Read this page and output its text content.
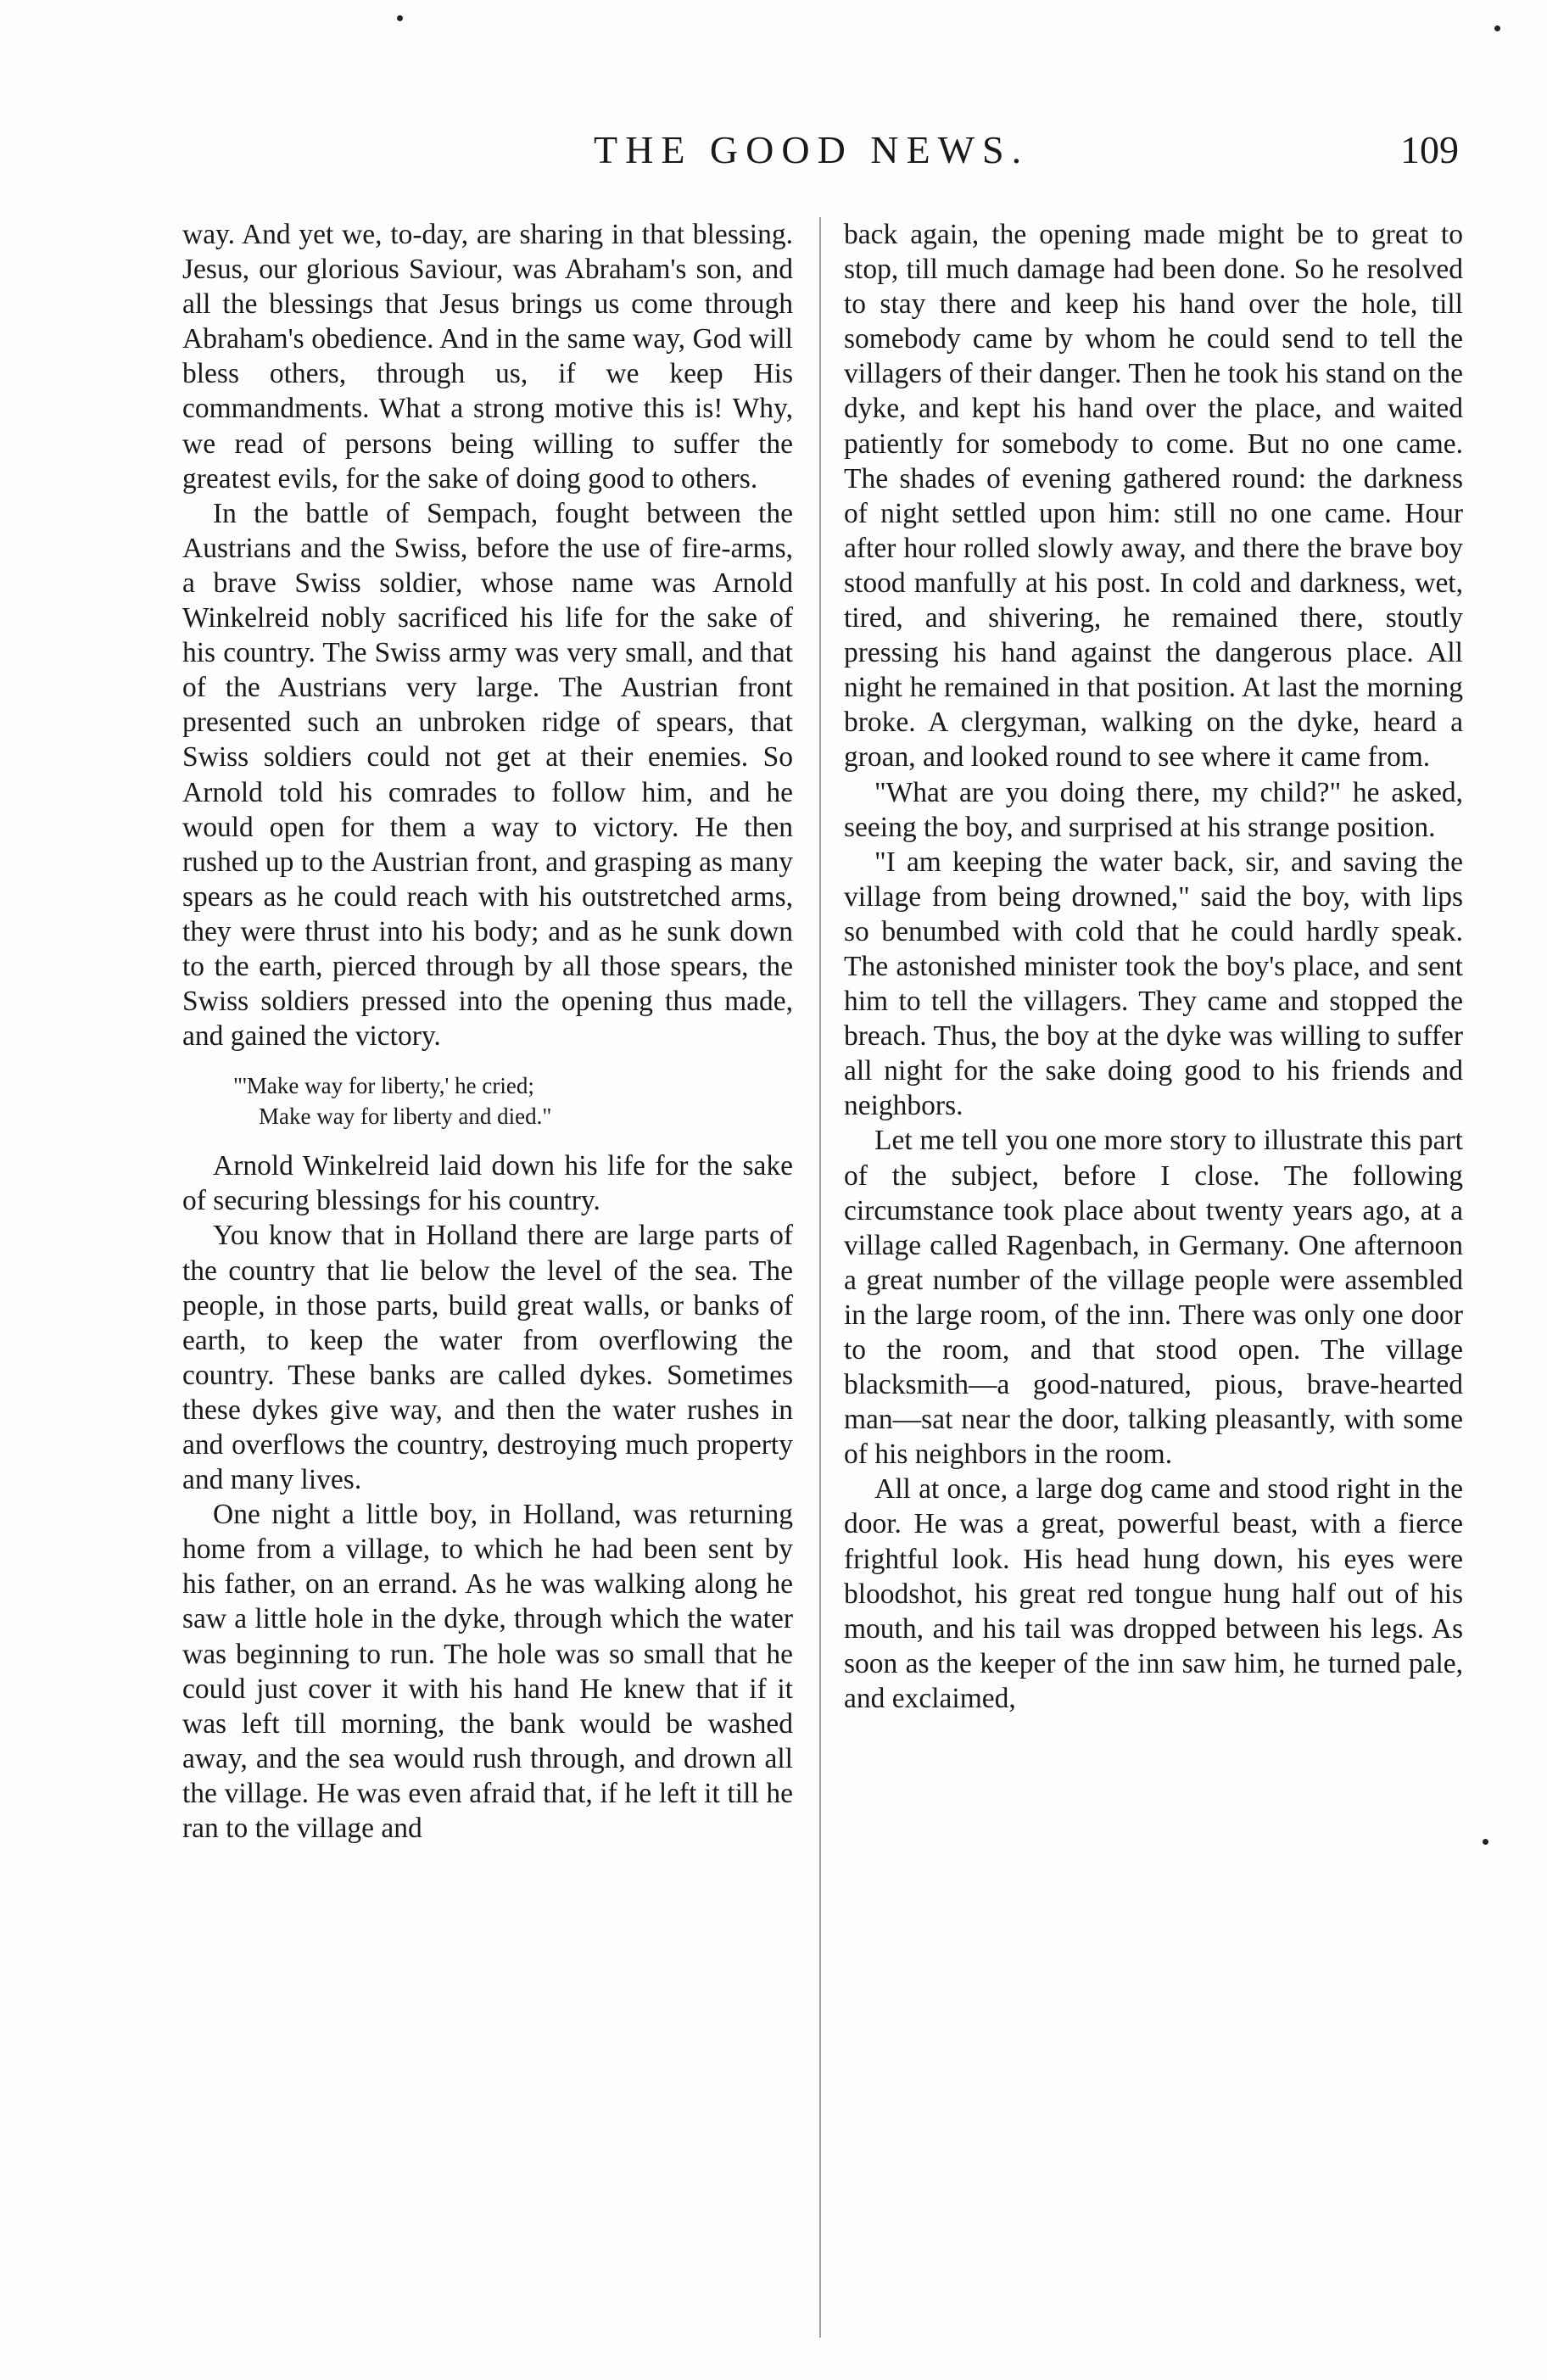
THE GOOD NEWS.	109

way. And yet we, to-day, are sharing in that blessing. Jesus, our glorious Saviour, was Abraham's son, and all the blessings that Jesus brings us come through Abraham's obedience. And in the same way, God will bless others, through us, if we keep His commandments. What a strong motive this is! Why, we read of persons being willing to suffer the greatest evils, for the sake of doing good to others.

In the battle of Sempach, fought between the Austrians and the Swiss, before the use of fire-arms, a brave Swiss soldier, whose name was Arnold Winkelreid nobly sacrificed his life for the sake of his country. The Swiss army was very small, and that of the Austrians very large. The Austrian front presented such an unbroken ridge of spears, that Swiss soldiers could not get at their enemies. So Arnold told his comrades to follow him, and he would open for them a way to victory. He then rushed up to the Austrian front, and grasping as many spears as he could reach with his outstretched arms, they were thrust into his body; and as he sunk down to the earth, pierced through by all those spears, the Swiss soldiers pressed into the opening thus made, and gained the victory.

"'Make way for liberty,' he cried;
Make way for liberty and died."

Arnold Winkelreid laid down his life for the sake of securing blessings for his country.

You know that in Holland there are large parts of the country that lie below the level of the sea. The people, in those parts, build great walls, or banks of earth, to keep the water from overflowing the country. These banks are called dykes. Sometimes these dykes give way, and then the water rushes in and overflows the country, destroying much property and many lives.

One night a little boy, in Holland, was returning home from a village, to which he had been sent by his father, on an errand. As he was walking along he saw a little hole in the dyke, through which the water was beginning to run. The hole was so small that he could just cover it with his hand He knew that if it was left till morning, the bank would be washed away, and the sea would rush through, and drown all the village. He was even afraid that, if he left it till he ran to the village and

back again, the opening made might be to great to stop, till much damage had been done. So he resolved to stay there and keep his hand over the hole, till somebody came by whom he could send to tell the villagers of their danger. Then he took his stand on the dyke, and kept his hand over the place, and waited patiently for somebody to come. But no one came. The shades of evening gathered round: the darkness of night settled upon him: still no one came. Hour after hour rolled slowly away, and there the brave boy stood manfully at his post. In cold and darkness, wet, tired, and shivering, he remained there, stoutly pressing his hand against the dangerous place. All night he remained in that position. At last the morning broke. A clergyman, walking on the dyke, heard a groan, and looked round to see where it came from.

"What are you doing there, my child?" he asked, seeing the boy, and surprised at his strange position.

"I am keeping the water back, sir, and saving the village from being drowned," said the boy, with lips so benumbed with cold that he could hardly speak. The astonished minister took the boy's place, and sent him to tell the villagers. They came and stopped the breach. Thus, the boy at the dyke was willing to suffer all night for the sake doing good to his friends and neighbors.

Let me tell you one more story to illustrate this part of the subject, before I close. The following circumstance took place about twenty years ago, at a village called Ragenbach, in Germany. One afternoon a great number of the village people were assembled in the large room, of the inn. There was only one door to the room, and that stood open. The village blacksmith—a good-natured, pious, brave-hearted man—sat near the door, talking pleasantly, with some of his neighbors in the room.

All at once, a large dog came and stood right in the door. He was a great, powerful beast, with a fierce frightful look. His head hung down, his eyes were bloodshot, his great red tongue hung half out of his mouth, and his tail was dropped between his legs. As soon as the keeper of the inn saw him, he turned pale, and exclaimed,
